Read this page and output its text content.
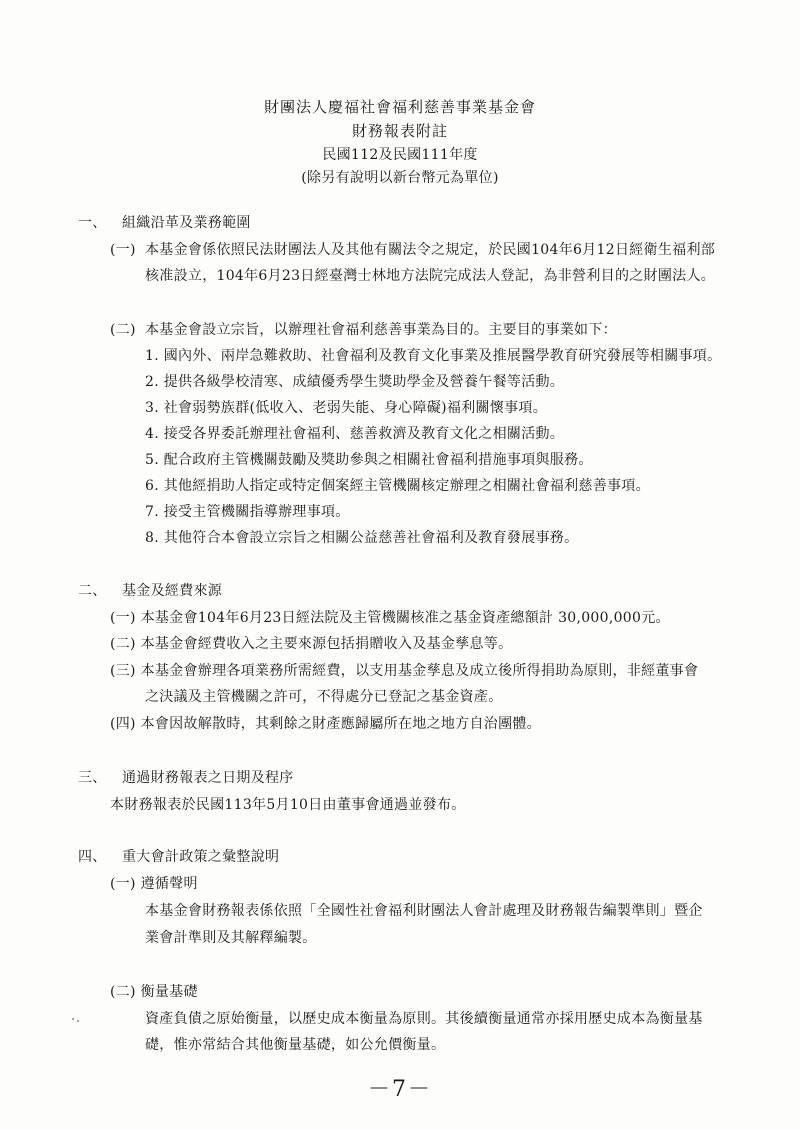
財團法人慶福社會福利慈善事業基金會
財務報表附註
民國112及民國111年度
(除另有說明以新台幣元為單位)
一、 組織沿革及業務範圍
(一) 本基金會係依照民法財團法人及其他有關法令之規定，於民國104年6月12日經衛生福利部
核准設立，104年6月23日經臺灣士林地方法院完成法人登記，為非營利目的之財團法人。
(二) 本基金會設立宗旨，以辦理社會福利慈善事業為目的。主要目的事業如下：
1. 國內外、兩岸急難救助、社會福利及教育文化事業及推展醫學教育研究發展等相關事項。
2. 提供各級學校清寒、成績優秀學生獎助學金及營養午餐等活動。
3. 社會弱勢族群(低收入、老弱失能、身心障礙)福利關懷事項。
4. 接受各界委託辦理社會福利、慈善救濟及教育文化之相關活動。
5. 配合政府主管機關鼓勵及獎助參與之相關社會福利措施事項與服務。
6. 其他經捐助人指定或特定個案經主管機關核定辦理之相關社會福利慈善事項。
7. 接受主管機關指導辦理事項。
8. 其他符合本會設立宗旨之相關公益慈善社會福利及教育發展事務。
二、 基金及經費來源
(一) 本基金會104年6月23日經法院及主管機關核准之基金資產總額計 30,000,000元。
(二) 本基金會經費收入之主要來源包括捐贈收入及基金孳息等。
(三) 本基金會辦理各項業務所需經費，以支用基金孳息及成立後所得捐助為原則，非經董事會
之決議及主管機關之許可，不得處分已登記之基金資產。
(四) 本會因故解散時，其剩餘之財產應歸屬所在地之地方自治團體。
三、 通過財務報表之日期及程序
本財務報表於民國113年5月10日由董事會通過並發布。
四、 重大會計政策之彙整說明
(一) 遵循聲明
本基金會財務報表係依照「全國性社會福利財團法人會計處理及財務報告編製準則」暨企
業會計準則及其解釋編製。
(二) 衡量基礎
資產負債之原始衡量，以歷史成本衡量為原則。其後續衡量通常亦採用歷史成本為衡量基
礎，惟亦常結合其他衡量基礎，如公允價衡量。
－7－
